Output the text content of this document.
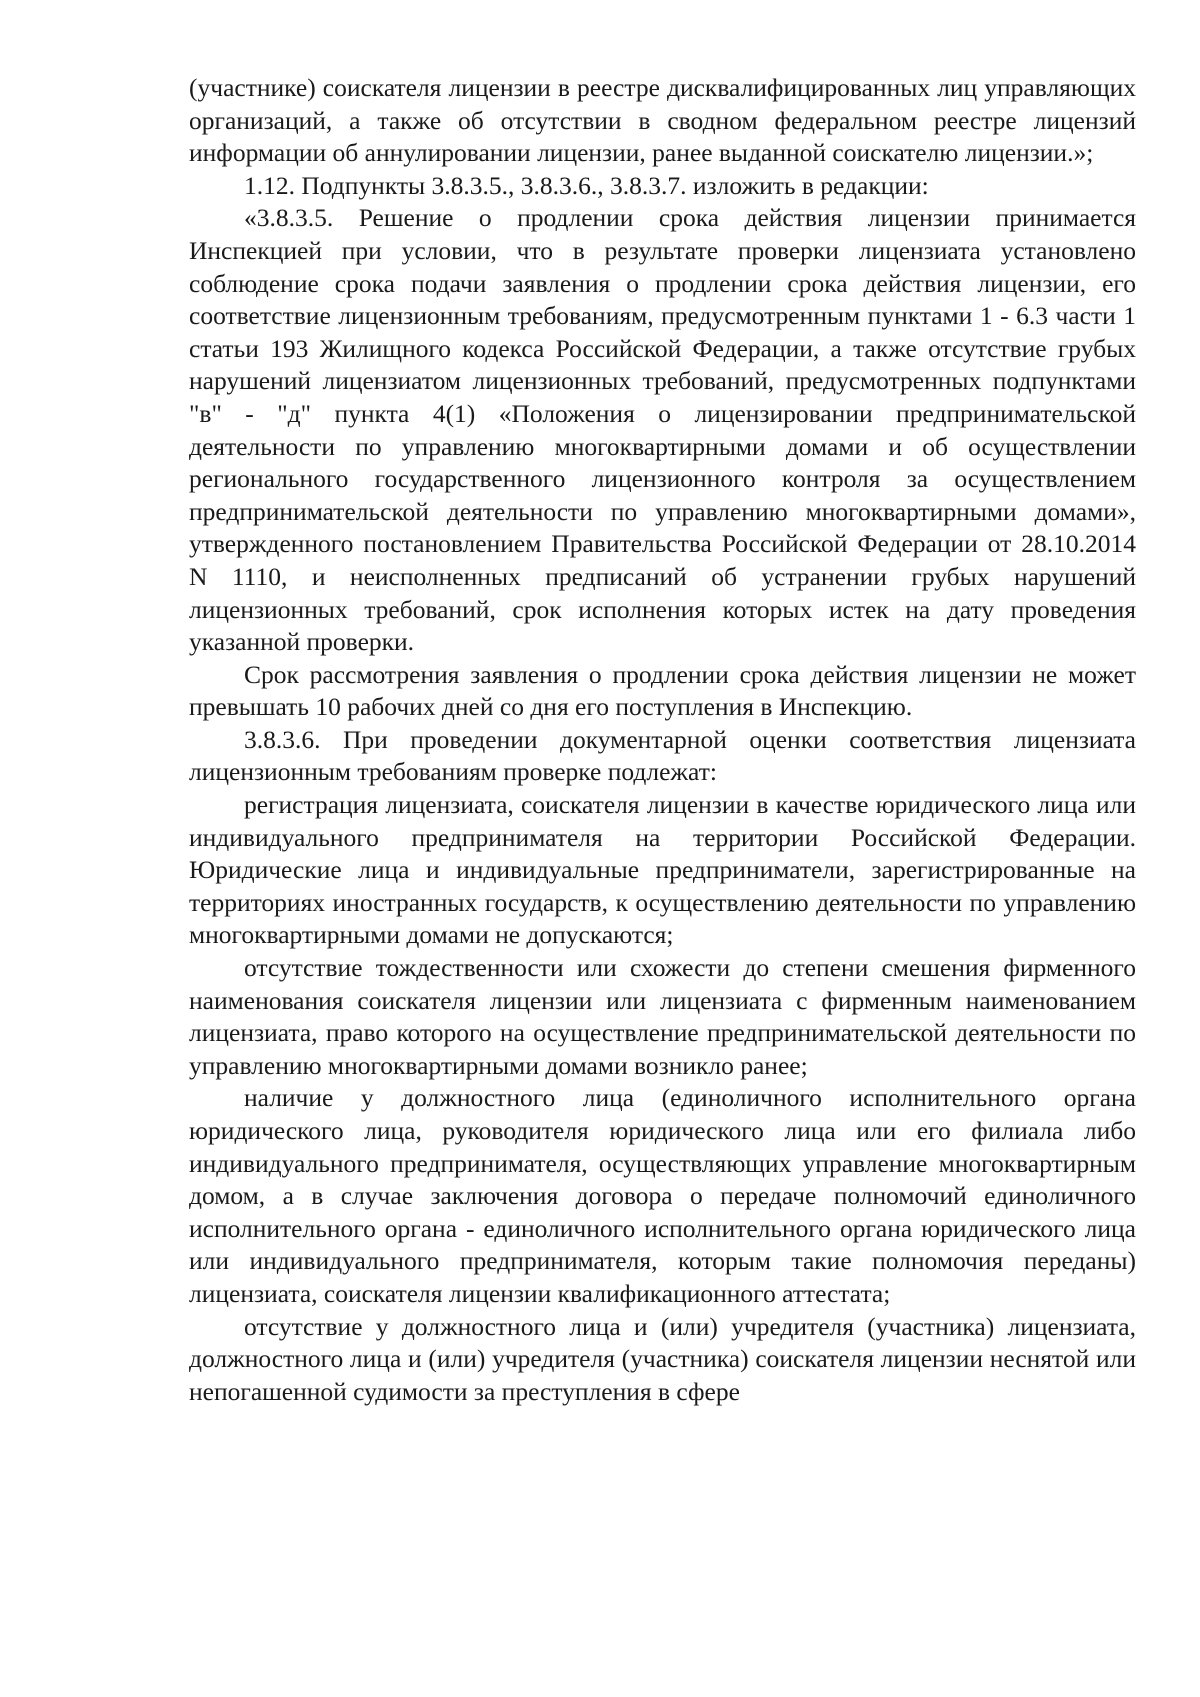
(участнике) соискателя лицензии в реестре дисквалифицированных лиц управляющих организаций, а также об отсутствии в сводном федеральном реестре лицензий информации об аннулировании лицензии, ранее выданной соискателю лицензии.»;

1.12. Подпункты 3.8.3.5., 3.8.3.6., 3.8.3.7. изложить в редакции:

«3.8.3.5. Решение о продлении срока действия лицензии принимается Инспекцией при условии, что в результате проверки лицензиата установлено соблюдение срока подачи заявления о продлении срока действия лицензии, его соответствие лицензионным требованиям, предусмотренным пунктами 1 - 6.3 части 1 статьи 193 Жилищного кодекса Российской Федерации, а также отсутствие грубых нарушений лицензиатом лицензионных требований, предусмотренных подпунктами "в" - "д" пункта 4(1) «Положения о лицензировании предпринимательской деятельности по управлению многоквартирными домами и об осуществлении регионального государственного лицензионного контроля за осуществлением предпринимательской деятельности по управлению многоквартирными домами», утвержденного постановлением Правительства Российской Федерации от 28.10.2014 N 1110, и неисполненных предписаний об устранении грубых нарушений лицензионных требований, срок исполнения которых истек на дату проведения указанной проверки.

Срок рассмотрения заявления о продлении срока действия лицензии не может превышать 10 рабочих дней со дня его поступления в Инспекцию.

3.8.3.6. При проведении документарной оценки соответствия лицензиата лицензионным требованиям проверке подлежат:

регистрация лицензиата, соискателя лицензии в качестве юридического лица или индивидуального предпринимателя на территории Российской Федерации. Юридические лица и индивидуальные предприниматели, зарегистрированные на территориях иностранных государств, к осуществлению деятельности по управлению многоквартирными домами не допускаются;

отсутствие тождественности или схожести до степени смешения фирменного наименования соискателя лицензии или лицензиата с фирменным наименованием лицензиата, право которого на осуществление предпринимательской деятельности по управлению многоквартирными домами возникло ранее;

наличие у должностного лица (единоличного исполнительного органа юридического лица, руководителя юридического лица или его филиала либо индивидуального предпринимателя, осуществляющих управление многоквартирным домом, а в случае заключения договора о передаче полномочий единоличного исполнительного органа - единоличного исполнительного органа юридического лица или индивидуального предпринимателя, которым такие полномочия переданы) лицензиата, соискателя лицензии квалификационного аттестата;

отсутствие у должностного лица и (или) учредителя (участника) лицензиата, должностного лица и (или) учредителя (участника) соискателя лицензии неснятой или непогашенной судимости за преступления в сфере
